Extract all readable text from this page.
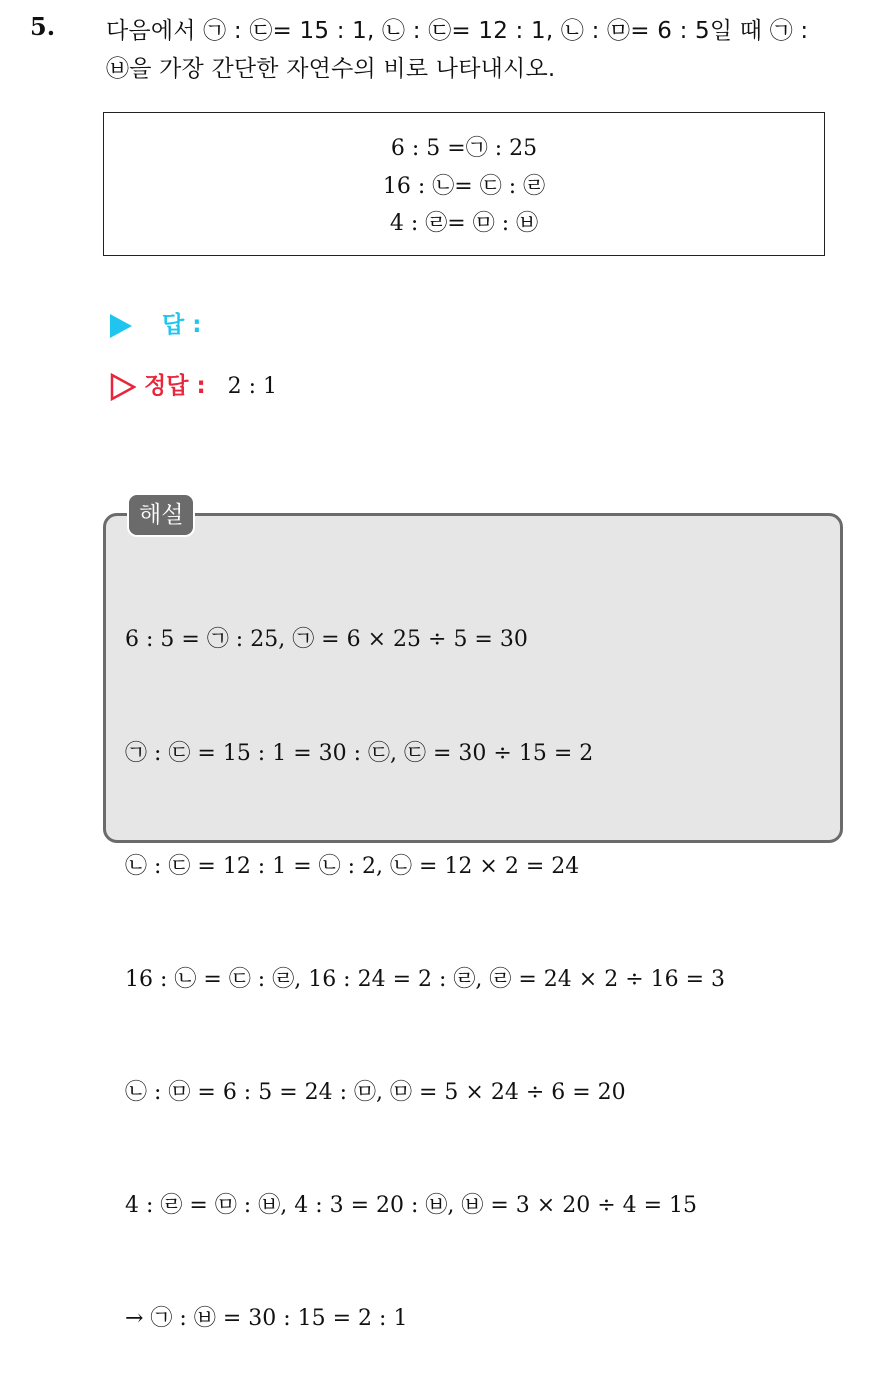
5. 다음에서 ㉠ : ㉢= 15 : 1, ㉡ : ㉢= 12 : 1, ㉡ : ㉤= 6 : 5일 때 ㉠ :
㉥을 가장 간단한 자연수의 비로 나타내시오.
6 : 5 =㉠ : 25
16 : ㉡= ㉢ : ㉣
4 : ㉣= ㉤ : ㉥
답 :
정답 : 2 : 1
해설

6 : 5 = ㉠ : 25, ㉠ = 6 × 25 ÷ 5 = 30

㉠ : ㉢ = 15 : 1 = 30 : ㉢, ㉢ = 30 ÷ 15 = 2

㉡ : ㉢ = 12 : 1 = ㉡ : 2, ㉡ = 12 × 2 = 24

16 : ㉡ = ㉢ : ㉣, 16 : 24 = 2 : ㉣, ㉣ = 24 × 2 ÷ 16 = 3

㉡ : ㉤ = 6 : 5 = 24 : ㉤, ㉤ = 5 × 24 ÷ 6 = 20

4 : ㉣ = ㉤ : ㉥, 4 : 3 = 20 : ㉥, ㉥ = 3 × 20 ÷ 4 = 15

→ ㉠ : ㉥ = 30 : 15 = 2 : 1
